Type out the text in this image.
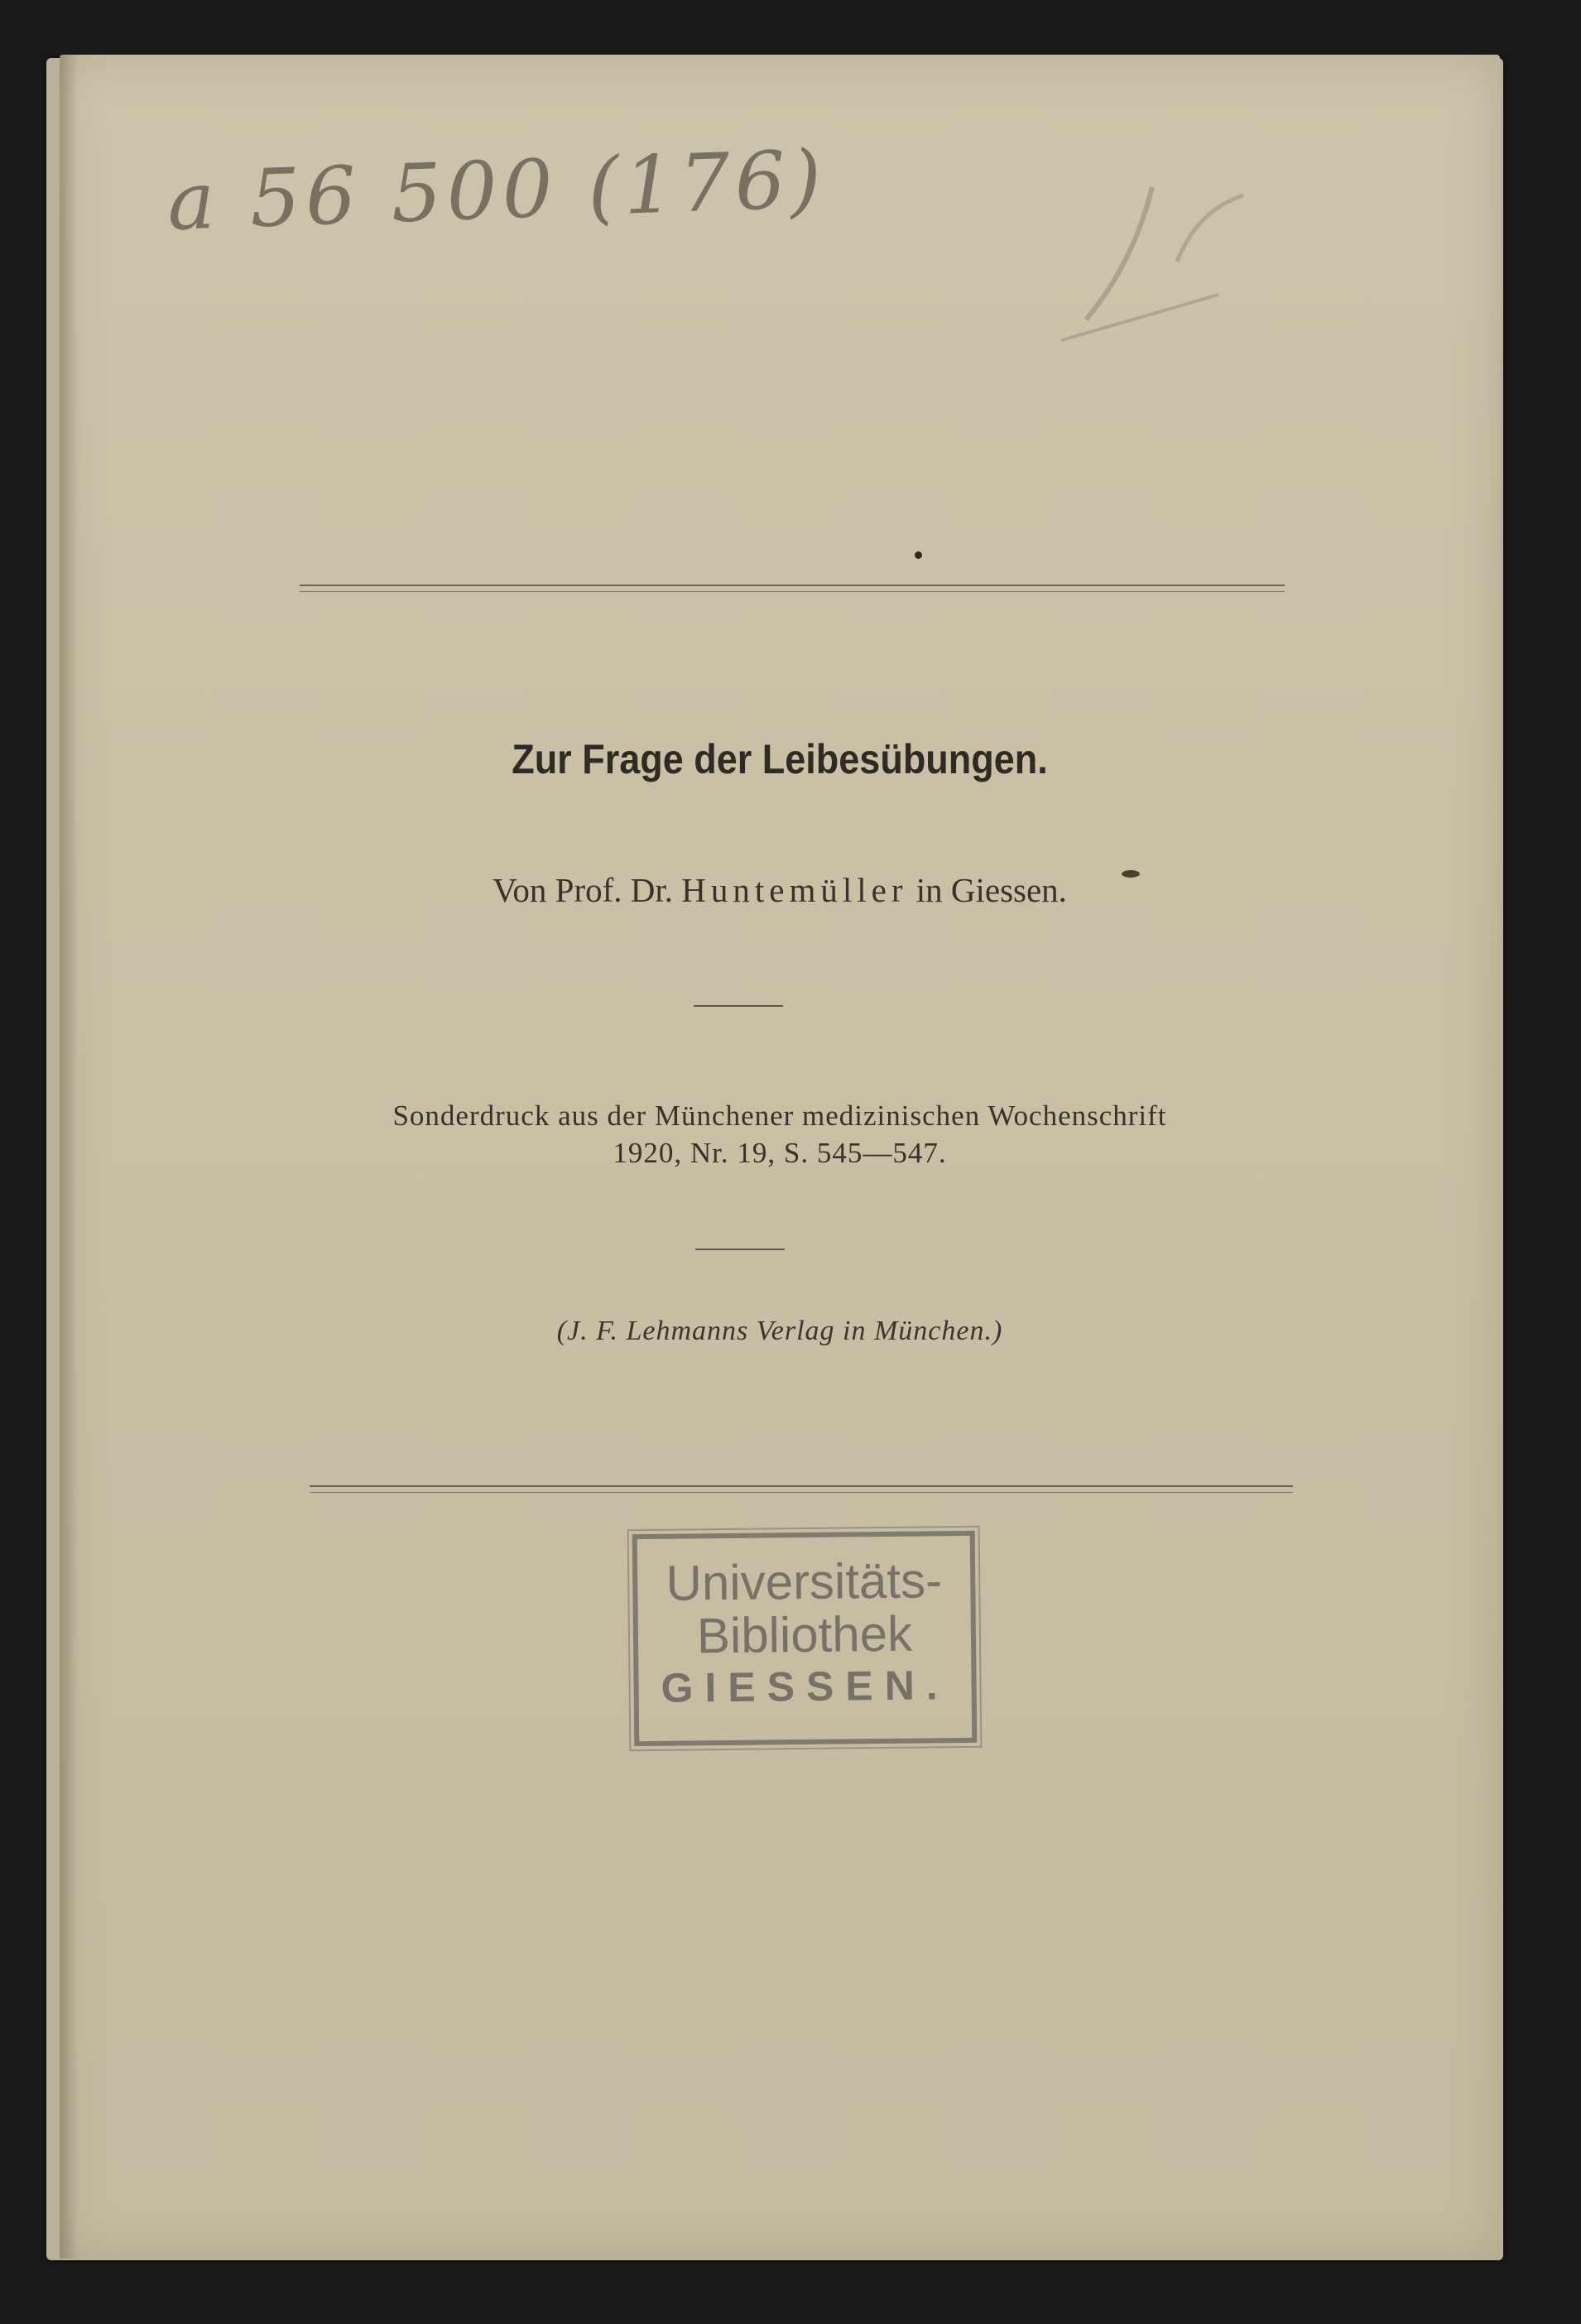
a 56 500 (176)
Zur Frage der Leibesübungen.
Von Prof. Dr. Huntemüller in Giessen.
Sonderdruck aus der Münchener medizinischen Wochenschrift
1920, Nr. 19, S. 545—547.
(J. F. Lehmanns Verlag in München.)
Universitäts-
Bibliothek
GIESSEN.
